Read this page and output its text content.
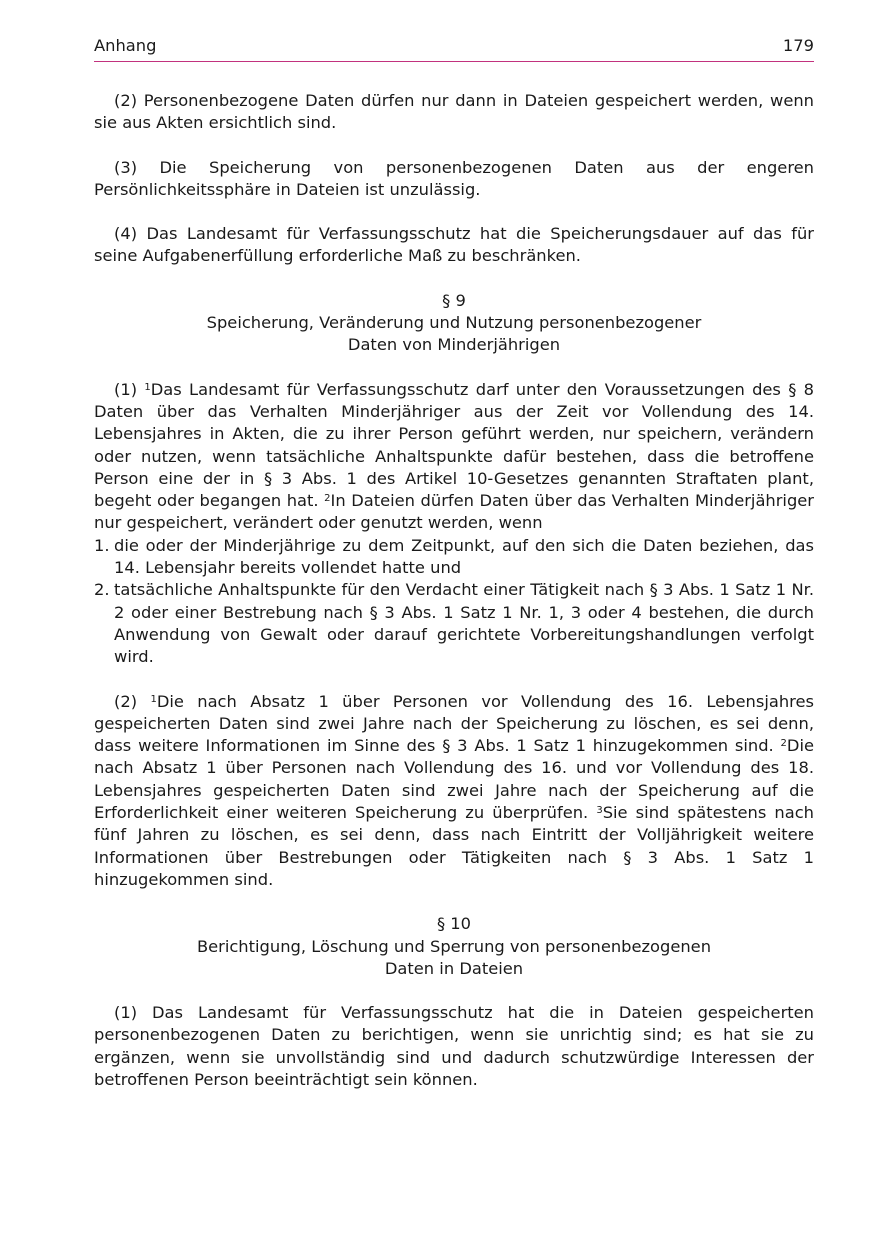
Anhang	179

(2) Personenbezogene Daten dürfen nur dann in Dateien gespeichert werden, wenn sie aus Akten ersichtlich sind.

(3) Die Speicherung von personenbezogenen Daten aus der engeren Persönlichkeitssphäre in Dateien ist unzulässig.

(4) Das Landesamt für Verfassungsschutz hat die Speicherungsdauer auf das für seine Aufgabenerfüllung erforderliche Maß zu beschränken.

§ 9
Speicherung, Veränderung und Nutzung personenbezogener
Daten von Minderjährigen

(1) $^1$Das Landesamt für Verfassungsschutz darf unter den Voraussetzungen des § 8 Daten über das Verhalten Minderjähriger aus der Zeit vor Vollendung des 14. Lebensjahres in Akten, die zu ihrer Person geführt werden, nur speichern, verändern oder nutzen, wenn tatsächliche Anhaltspunkte dafür bestehen, dass die betroffene Person eine der in § 3 Abs. 1 des Artikel 10-Gesetzes genannten Straftaten plant, begeht oder begangen hat. $^2$In Dateien dürfen Daten über das Verhalten Minderjähriger nur gespeichert, verändert oder genutzt werden, wenn

1. die oder der Minderjährige zu dem Zeitpunkt, auf den sich die Daten beziehen, das 14. Lebensjahr bereits vollendet hatte und
2. tatsächliche Anhaltspunkte für den Verdacht einer Tätigkeit nach § 3 Abs. 1 Satz 1 Nr. 2 oder einer Bestrebung nach § 3 Abs. 1 Satz 1 Nr. 1, 3 oder 4 bestehen, die durch Anwendung von Gewalt oder darauf gerichtete Vorbereitungshandlungen verfolgt wird.

(2) $^1$Die nach Absatz 1 über Personen vor Vollendung des 16. Lebensjahres gespeicherten Daten sind zwei Jahre nach der Speicherung zu löschen, es sei denn, dass weitere Informationen im Sinne des § 3 Abs. 1 Satz 1 hinzugekommen sind. $^2$Die nach Absatz 1 über Personen nach Vollendung des 16. und vor Vollendung des 18. Lebensjahres gespeicherten Daten sind zwei Jahre nach der Speicherung auf die Erforderlichkeit einer weiteren Speicherung zu überprüfen. $^3$Sie sind spätestens nach fünf Jahren zu löschen, es sei denn, dass nach Eintritt der Volljährigkeit weitere Informationen über Bestrebungen oder Tätigkeiten nach § 3 Abs. 1 Satz 1 hinzugekommen sind.

§ 10
Berichtigung, Löschung und Sperrung von personenbezogenen
Daten in Dateien

(1) Das Landesamt für Verfassungsschutz hat die in Dateien gespeicherten personenbezogenen Daten zu berichtigen, wenn sie unrichtig sind; es hat sie zu ergänzen, wenn sie unvollständig sind und dadurch schutzwürdige Interessen der betroffenen Person beeinträchtigt sein können.
